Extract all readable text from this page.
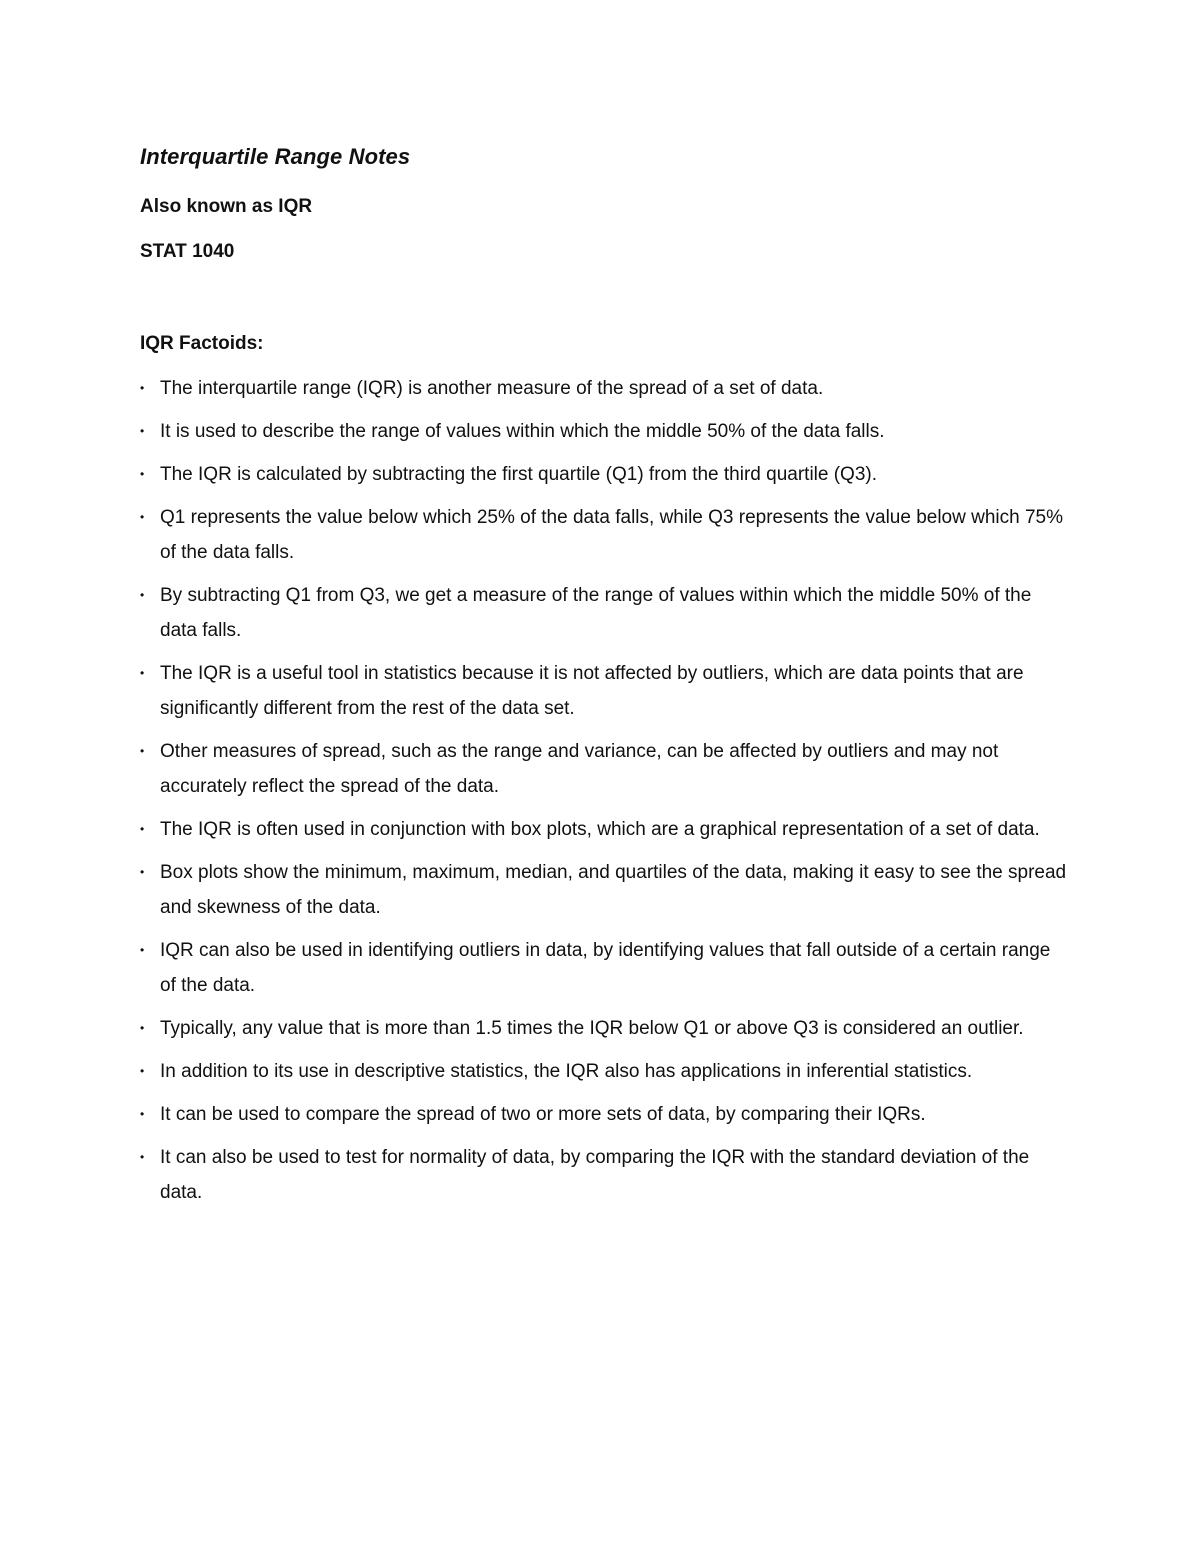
Interquartile Range Notes

Also known as IQR

STAT 1040

IQR Factoids:

• The interquartile range (IQR) is another measure of the spread of a set of data.
• It is used to describe the range of values within which the middle 50% of the data falls.
• The IQR is calculated by subtracting the first quartile (Q1) from the third quartile (Q3).
• Q1 represents the value below which 25% of the data falls, while Q3 represents the value below which 75% of the data falls.
• By subtracting Q1 from Q3, we get a measure of the range of values within which the middle 50% of the data falls.
• The IQR is a useful tool in statistics because it is not affected by outliers, which are data points that are significantly different from the rest of the data set.
• Other measures of spread, such as the range and variance, can be affected by outliers and may not accurately reflect the spread of the data.
• The IQR is often used in conjunction with box plots, which are a graphical representation of a set of data.
• Box plots show the minimum, maximum, median, and quartiles of the data, making it easy to see the spread and skewness of the data.
• IQR can also be used in identifying outliers in data, by identifying values that fall outside of a certain range of the data.
• Typically, any value that is more than 1.5 times the IQR below Q1 or above Q3 is considered an outlier.
• In addition to its use in descriptive statistics, the IQR also has applications in inferential statistics.
• It can be used to compare the spread of two or more sets of data, by comparing their IQRs.
• It can also be used to test for normality of data, by comparing the IQR with the standard deviation of the data.
